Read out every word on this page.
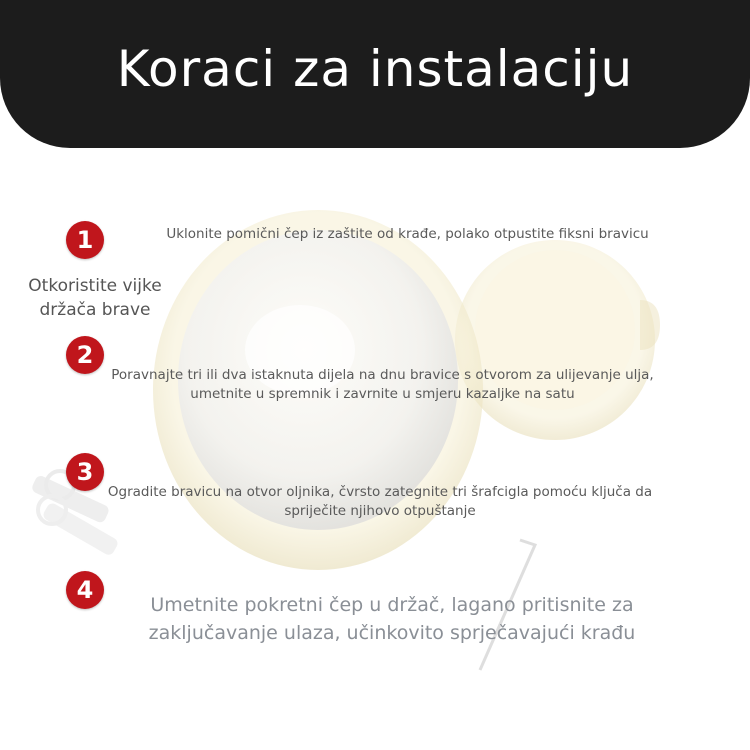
Koraci za instalaciju
Otkoristite vijke
držača brave
1	Uklonite pomični čep iz zaštite od krađe, polako otpustite fiksni bravicu
2
Poravnajte tri ili dva istaknuta dijela na dnu bravice s otvorom za ulijevanje ulja,
umetnite u spremnik i zavrnite u smjeru kazaljke na satu
3
Ogradite bravicu na otvor oljnika, čvrsto zategnite tri šrafcigla pomoću ključa da
spriječite njihovo otpuštanje
4
Umetnite pokretni čep u držač, lagano pritisnite za
zaključavanje ulaza, učinkovito sprječavajući krađu
